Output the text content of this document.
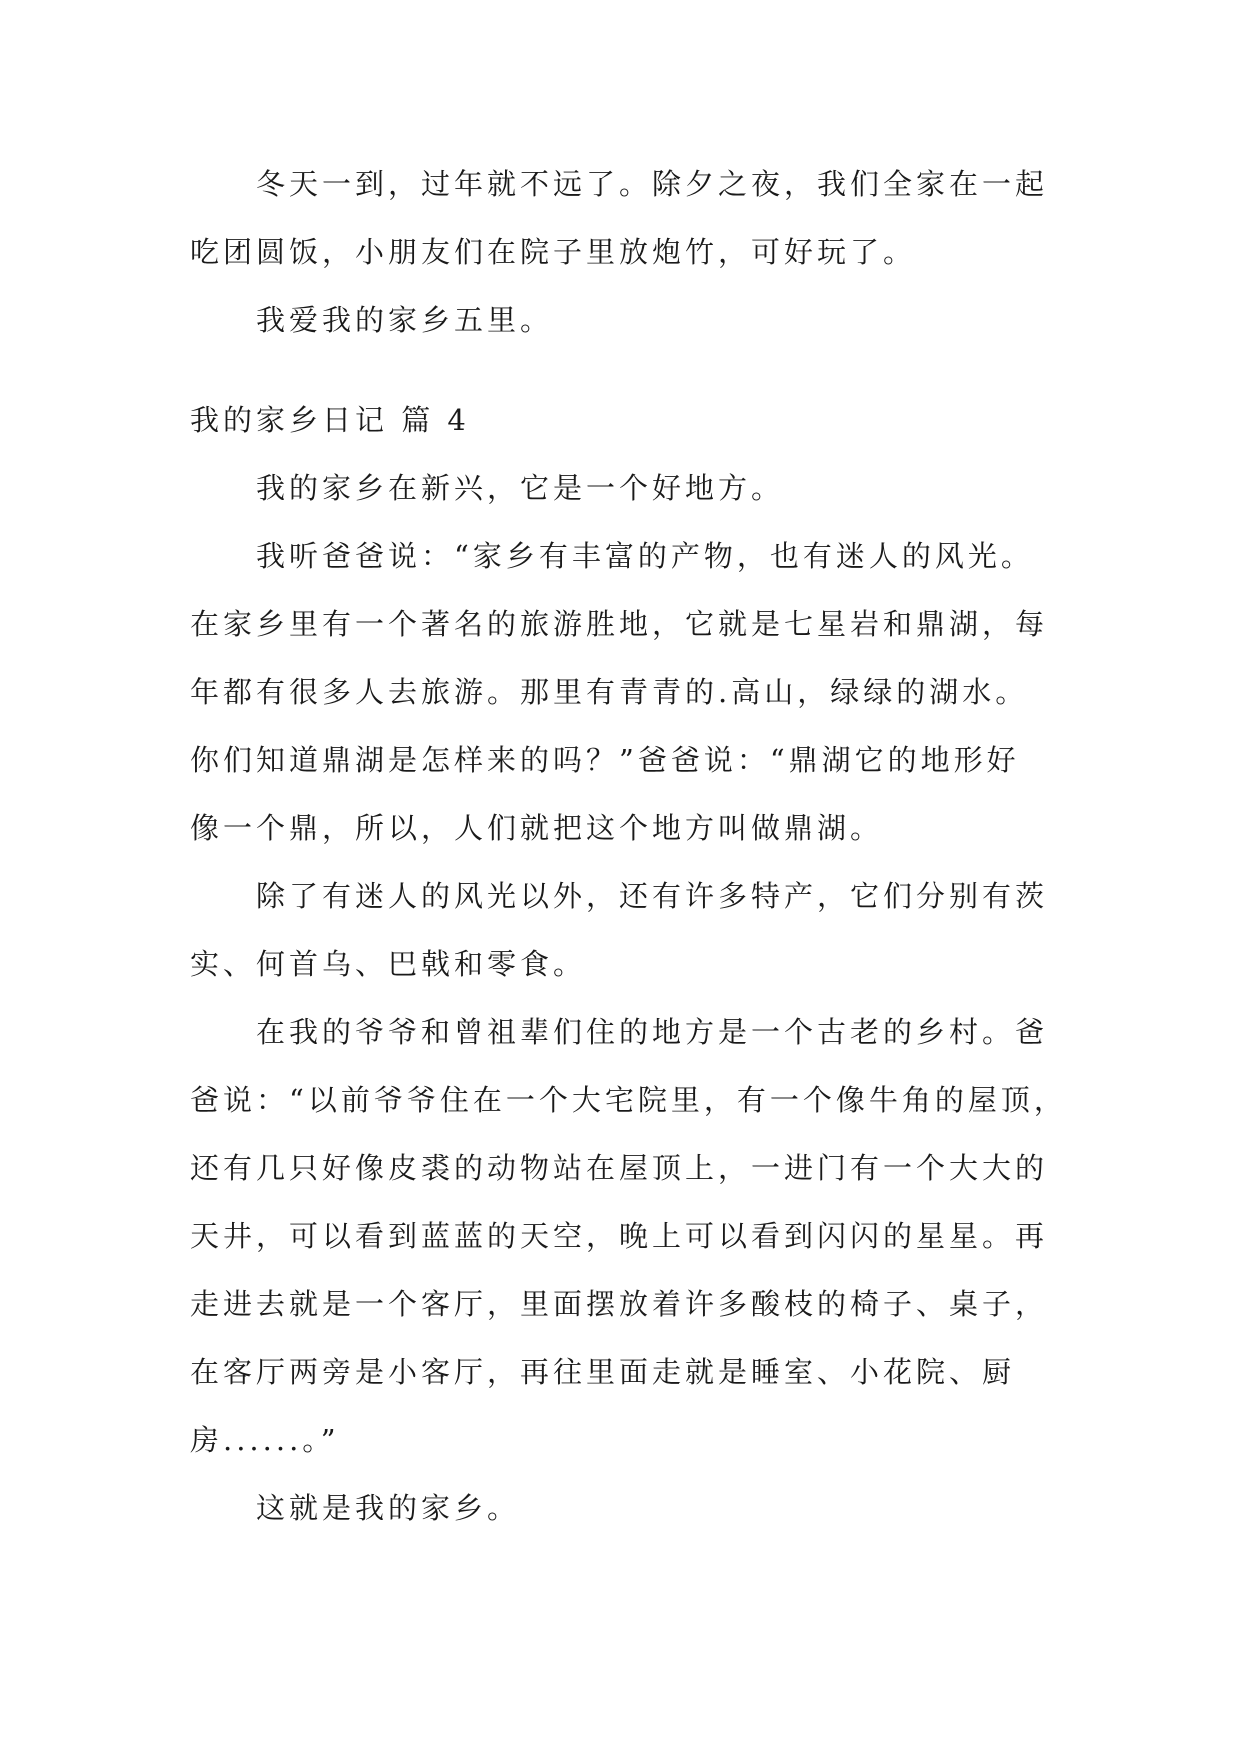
冬天一到，过年就不远了。除夕之夜，我们全家在一起
吃团圆饭，小朋友们在院子里放炮竹，可好玩了。
我爱我的家乡五里。
我的家乡日记 篇 4
我的家乡在新兴，它是一个好地方。
我听爸爸说：“家乡有丰富的产物，也有迷人的风光。
在家乡里有一个著名的旅游胜地，它就是七星岩和鼎湖，每
年都有很多人去旅游。那里有青青的.高山，绿绿的湖水。
你们知道鼎湖是怎样来的吗？”爸爸说：“鼎湖它的地形好
像一个鼎，所以，人们就把这个地方叫做鼎湖。
除了有迷人的风光以外，还有许多特产，它们分别有茨
实、何首乌、巴戟和零食。
在我的爷爷和曾祖辈们住的地方是一个古老的乡村。爸
爸说：“以前爷爷住在一个大宅院里，有一个像牛角的屋顶，
还有几只好像皮裘的动物站在屋顶上，一进门有一个大大的
天井，可以看到蓝蓝的天空，晚上可以看到闪闪的星星。再
走进去就是一个客厅，里面摆放着许多酸枝的椅子、桌子，
在客厅两旁是小客厅，再往里面走就是睡室、小花院、厨
房......。”
这就是我的家乡。
